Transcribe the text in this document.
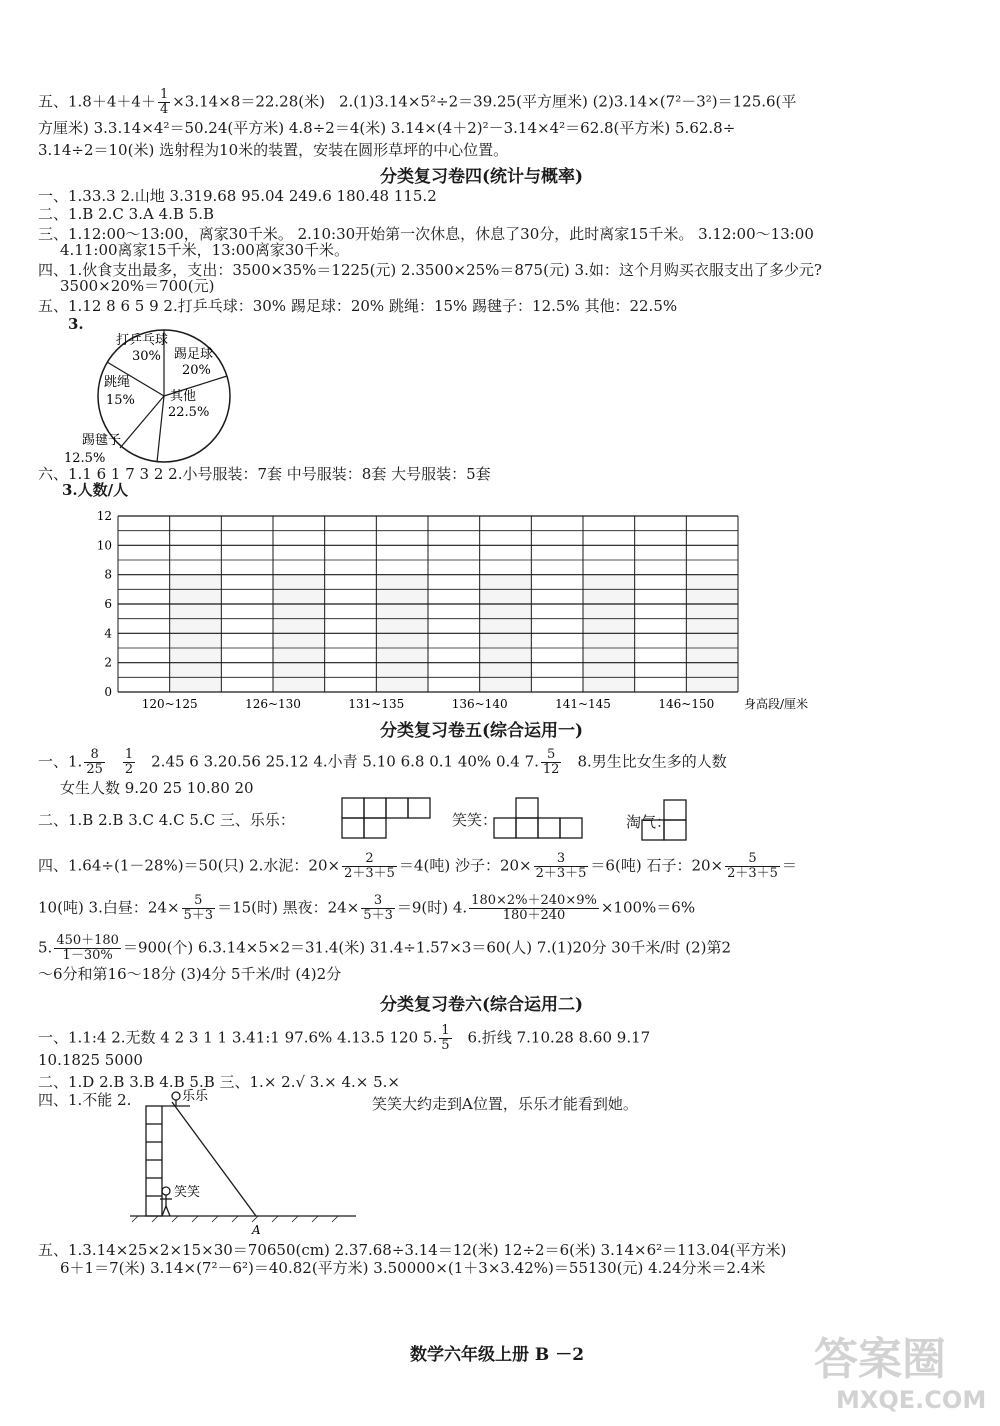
五、$1.8+4+4+ \frac{1}{4} \times 3.14\times 8=22.28$(米) 2.(1)3.14×5²÷2＝39.25(平方厘米) (2)3.14×(7²－3²)＝125.6(平
方厘米) 3.3.14×4²＝50.24(平方米) 4.8÷2＝4(米) 3.14×(4＋2)²－3.14×4²＝62.8(平方米) 5.62.8÷
3.14÷2＝10(米) 选射程为10米的装置，安装在圆形草坪的中心位置。
分类复习卷四(统计与概率)
一、1.33.3 2.山地 3.319.68 95.04 249.6 180.48 115.2
二、1.B 2.C 3.A 4.B 5.B
三、1.12:00～13:00，离家30千米。 2.10:30开始第一次休息，休息了30分，此时离家15千米。 3.12:00～13:00
4.11:00离家15千米，13:00离家30千米。
四、1.伙食支出最多，支出：3500×35%＝1225(元) 2.3500×25%＝875(元) 3.如：这个月购买衣服支出了多少元?
3500×20%＝700(元)
五、1.12 8 6 5 9 2.打乒乓球：30% 踢足球：20% 跳绳：15% 踢毽子：12.5% 其他：22.5%
3.
打乒乓球
30% 踢足球
20%
跳绳
15%	其他
22.5%
踢毽子
12.5%
六、1.1 6 1 7 3 2 2.小号服装：7套 中号服装：8套 大号服装：5套
3.人数/人
0
2
4
6
8
10
12
120~125	126~130	131~135	136~140	141~145	146~150 身高段/厘米
分类复习卷五(综合运用一)
一、1. $\frac{8}{25} \frac{1}{2} 2.45$ 6 3.20.56 25.12 4.小青 5.10 6.8 0.1 40% 0.4 7. $\frac{5}{12} 8$.男生比女生多的人数
女生人数 9.20 25 10.80 20
二、1.B 2.B 3.C 4.C 5.C 三、乐乐：	笑笑：	淘气：
四、1.64÷(1－28%)＝50(只) 2.水泥：$20\times \frac{2}{2+3+5} =4$(吨) 沙子：$20\times \frac{3}{2+3+5} =6$(吨) 石子：$20\times \frac{5}{2+3+5}$ ＝
10(吨) 3.白昼：$24\times \frac{5}{5+3} =15$(时) 黑夜：$24\times \frac{3}{5+3} =9$(时) 4. $\frac{180\times 2\%+240\times 9\%}{180+240} \times 100\%=6\%$
5. $\frac{450+180}{1-30\%} =900$(个) 6.3.14×5×2＝31.4(米) 31.4÷1.57×3＝60(人) 7.(1)20分 30千米/时 (2)第2
～6分和第16～18分 (3)4分 5千米/时 (4)2分
分类复习卷六(综合运用二)
一、1.1:4 2.无数 4 2 3 1 1 3.41:1 97.6% 4.13.5 120 5. $\frac{1}{5} 6$.折线 7.10.28 8.60 9.17
10.1825 5000
二、1.D 2.B 3.B 4.B 5.B 三、1.× 2.√ 3.× 4.× 5.×
四、1.不能 2.	笑笑大约走到A位置，乐乐才能看到她。
乐乐
笑笑
A
五、1.3.14×25×2×15×30＝70650(cm) 2.37.68÷3.14＝12(米) 12÷2＝6(米) 3.14×6²＝113.04(平方米)
6＋1＝7(米) 3.14×(7²－6²)＝40.82(平方米) 3.50000×(1＋3×3.42%)＝55130(元) 4.24分米＝2.4米
数学六年级上册 B －2	答案圈
MXQE.COM
